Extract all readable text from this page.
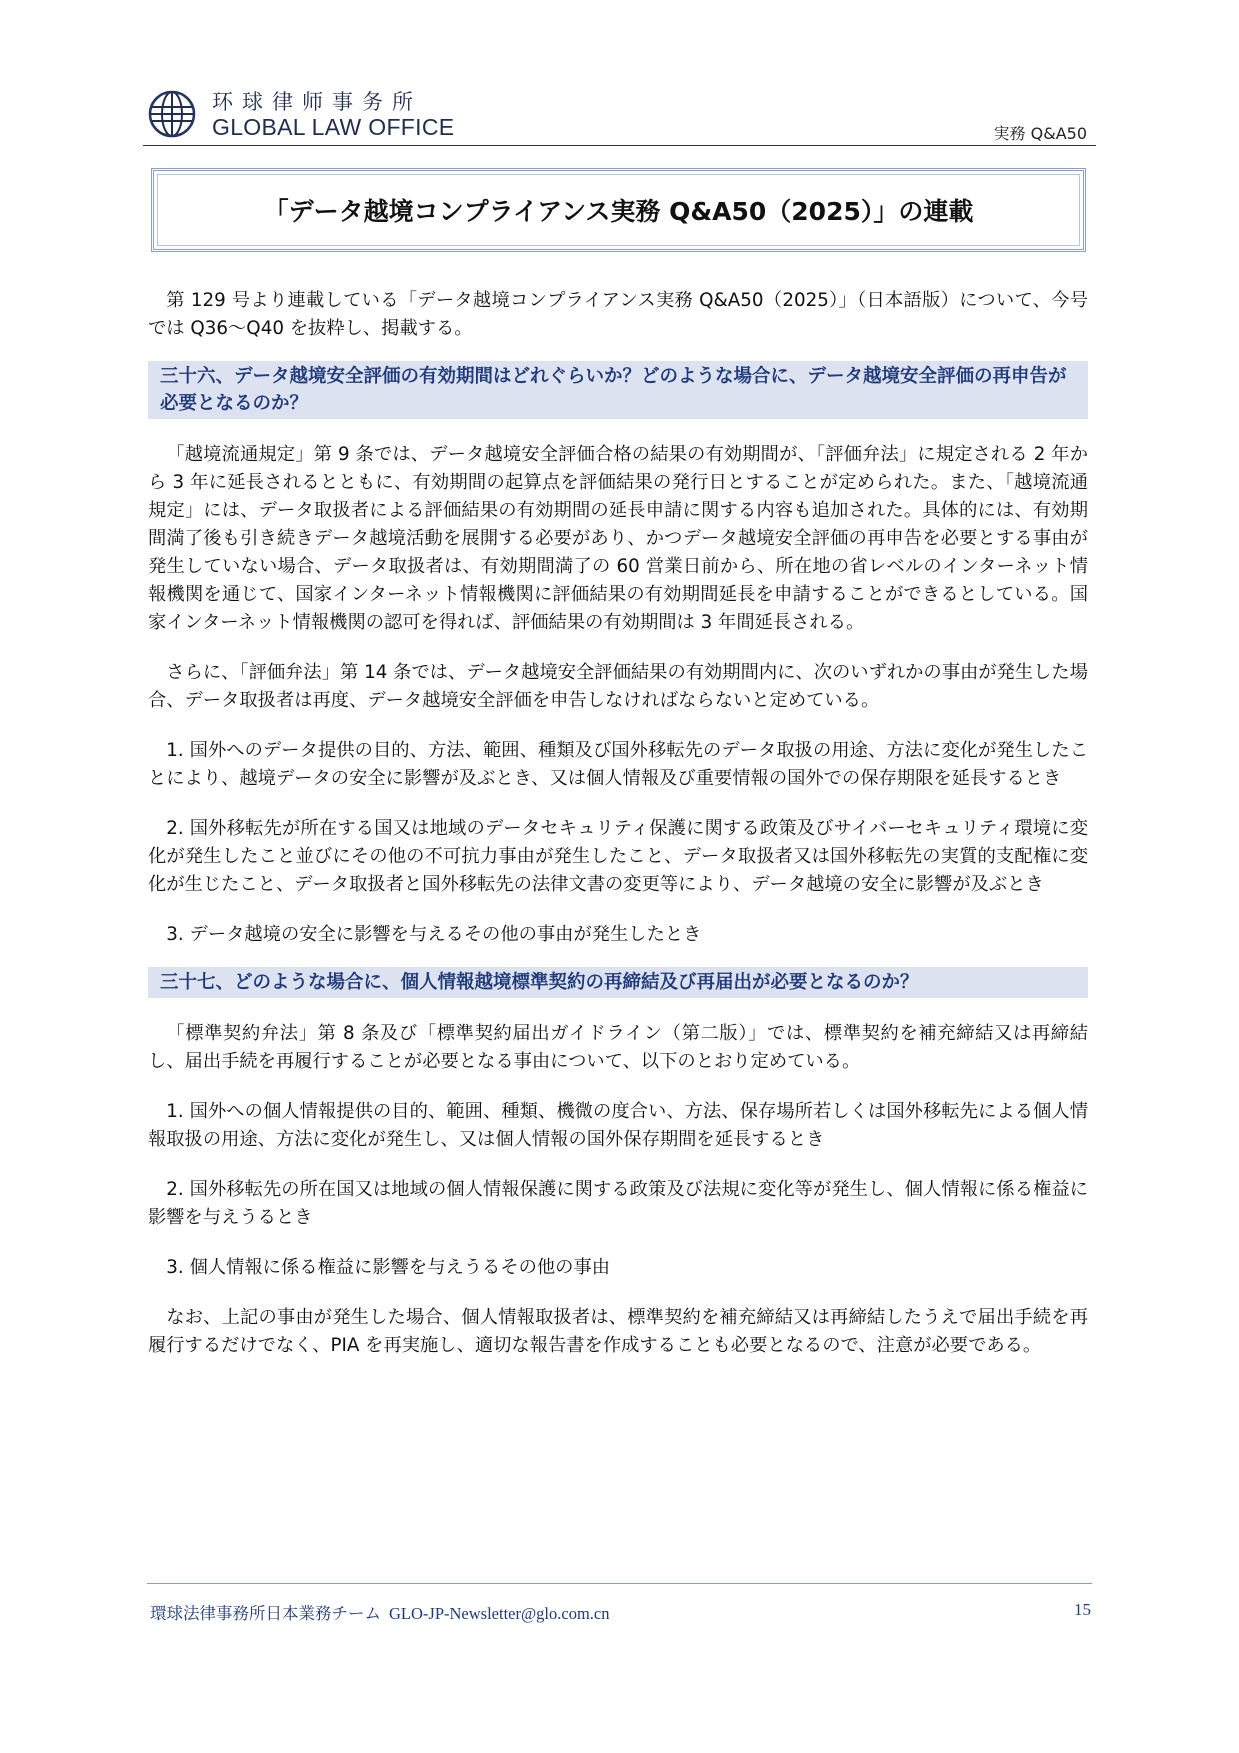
环球律师事务所
GLOBAL LAW OFFICE	実務 Q&A50
「データ越境コンプライアンス実務 Q&A50（2025）」の連載

第 129 号より連載している「データ越境コンプライアンス実務 Q&A50（2025）」（日本語版）について、今号では Q36～Q40 を抜粋し、掲載する。

三十六、データ越境安全評価の有効期間はどれぐらいか？どのような場合に、データ越境安全評価の再申告が必要となるのか？

「越境流通規定」第 9 条では、データ越境安全評価合格の結果の有効期間が、「評価弁法」に規定される 2 年から 3 年に延長されるとともに、有効期間の起算点を評価結果の発行日とすることが定められた。また、「越境流通規定」には、データ取扱者による評価結果の有効期間の延長申請に関する内容も追加された。具体的には、有効期間満了後も引き続きデータ越境活動を展開する必要があり、かつデータ越境安全評価の再申告を必要とする事由が発生していない場合、データ取扱者は、有効期間満了の 60 営業日前から、所在地の省レベルのインターネット情報機関を通じて、国家インターネット情報機関に評価結果の有効期間延長を申請することができるとしている。国家インターネット情報機関の認可を得れば、評価結果の有効期間は 3 年間延長される。

さらに、「評価弁法」第 14 条では、データ越境安全評価結果の有効期間内に、次のいずれかの事由が発生した場合、データ取扱者は再度、データ越境安全評価を申告しなければならないと定めている。

1. 国外へのデータ提供の目的、方法、範囲、種類及び国外移転先のデータ取扱の用途、方法に変化が発生したことにより、越境データの安全に影響が及ぶとき、又は個人情報及び重要情報の国外での保存期限を延長するとき

2. 国外移転先が所在する国又は地域のデータセキュリティ保護に関する政策及びサイバーセキュリティ環境に変化が発生したこと並びにその他の不可抗力事由が発生したこと、データ取扱者又は国外移転先の実質的支配権に変化が生じたこと、データ取扱者と国外移転先の法律文書の変更等により、データ越境の安全に影響が及ぶとき

3. データ越境の安全に影響を与えるその他の事由が発生したとき

三十七、どのような場合に、個人情報越境標準契約の再締結及び再届出が必要となるのか？

「標準契約弁法」第 8 条及び「標準契約届出ガイドライン（第二版）」では、標準契約を補充締結又は再締結し、届出手続を再履行することが必要となる事由について、以下のとおり定めている。

1. 国外への個人情報提供の目的、範囲、種類、機微の度合い、方法、保存場所若しくは国外移転先による個人情報取扱の用途、方法に変化が発生し、又は個人情報の国外保存期間を延長するとき

2. 国外移転先の所在国又は地域の個人情報保護に関する政策及び法規に変化等が発生し、個人情報に係る権益に影響を与えうるとき

3. 個人情報に係る権益に影響を与えうるその他の事由

なお、上記の事由が発生した場合、個人情報取扱者は、標準契約を補充締結又は再締結したうえで届出手続を再履行するだけでなく、PIA を再実施し、適切な報告書を作成することも必要となるので、注意が必要である。

環球法律事務所日本業務チーム GLO-JP-Newsletter@glo.com.cn	15
